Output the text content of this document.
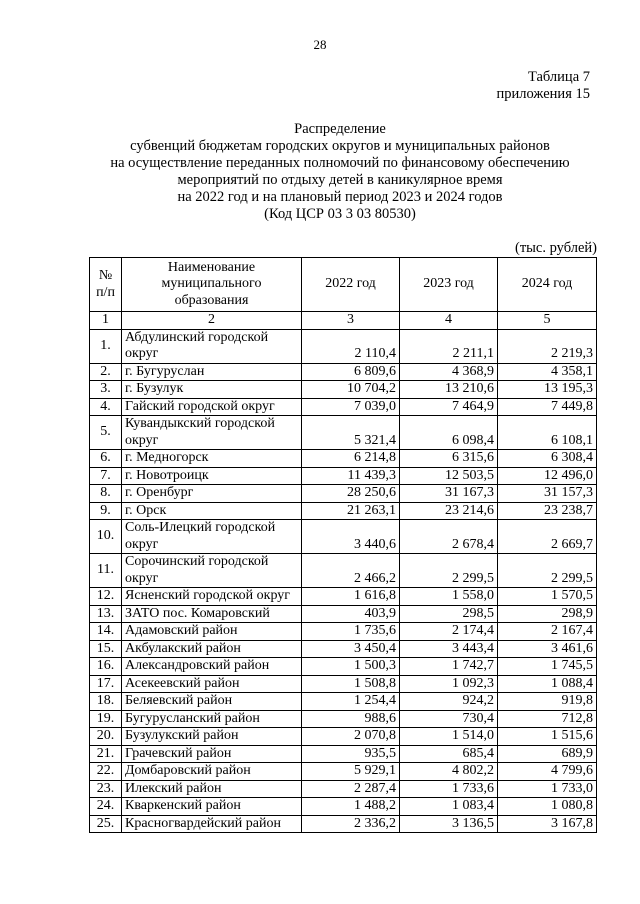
28
Таблица 7
приложения 15
Распределение
субвенций бюджетам городских округов и муниципальных районов
на осуществление переданных полномочий по финансовому обеспечению
мероприятий по отдыху детей в каникулярное время
на 2022 год и на плановый период 2023 и 2024 годов
(Код ЦСР 03 3 03 80530)
(тыс. рублей)
№ п/п	Наименование муниципального образования	2022 год	2023 год	2024 год
1	2	3	4	5
1.	Абдулинский городской округ	2 110,4	2 211,1	2 219,3
2.	г. Бугуруслан	6 809,6	4 368,9	4 358,1
3.	г. Бузулук	10 704,2	13 210,6	13 195,3
4.	Гайский городской округ	7 039,0	7 464,9	7 449,8
5.	Кувандыкский городской округ	5 321,4	6 098,4	6 108,1
6.	г. Медногорск	6 214,8	6 315,6	6 308,4
7.	г. Новотроицк	11 439,3	12 503,5	12 496,0
8.	г. Оренбург	28 250,6	31 167,3	31 157,3
9.	г. Орск	21 263,1	23 214,6	23 238,7
10.	Соль-Илецкий городской округ	3 440,6	2 678,4	2 669,7
11.	Сорочинский городской округ	2 466,2	2 299,5	2 299,5
12.	Ясненский городской округ	1 616,8	1 558,0	1 570,5
13.	ЗАТО пос. Комаровский	403,9	298,5	298,9
14.	Адамовский район	1 735,6	2 174,4	2 167,4
15.	Акбулакский район	3 450,4	3 443,4	3 461,6
16.	Александровский район	1 500,3	1 742,7	1 745,5
17.	Асекеевский район	1 508,8	1 092,3	1 088,4
18.	Беляевский район	1 254,4	924,2	919,8
19.	Бугурусланский район	988,6	730,4	712,8
20.	Бузулукский район	2 070,8	1 514,0	1 515,6
21.	Грачевский район	935,5	685,4	689,9
22.	Домбаровский район	5 929,1	4 802,2	4 799,6
23.	Илекский район	2 287,4	1 733,6	1 733,0
24.	Кваркенский район	1 488,2	1 083,4	1 080,8
25.	Красногвардейский район	2 336,2	3 136,5	3 167,8
